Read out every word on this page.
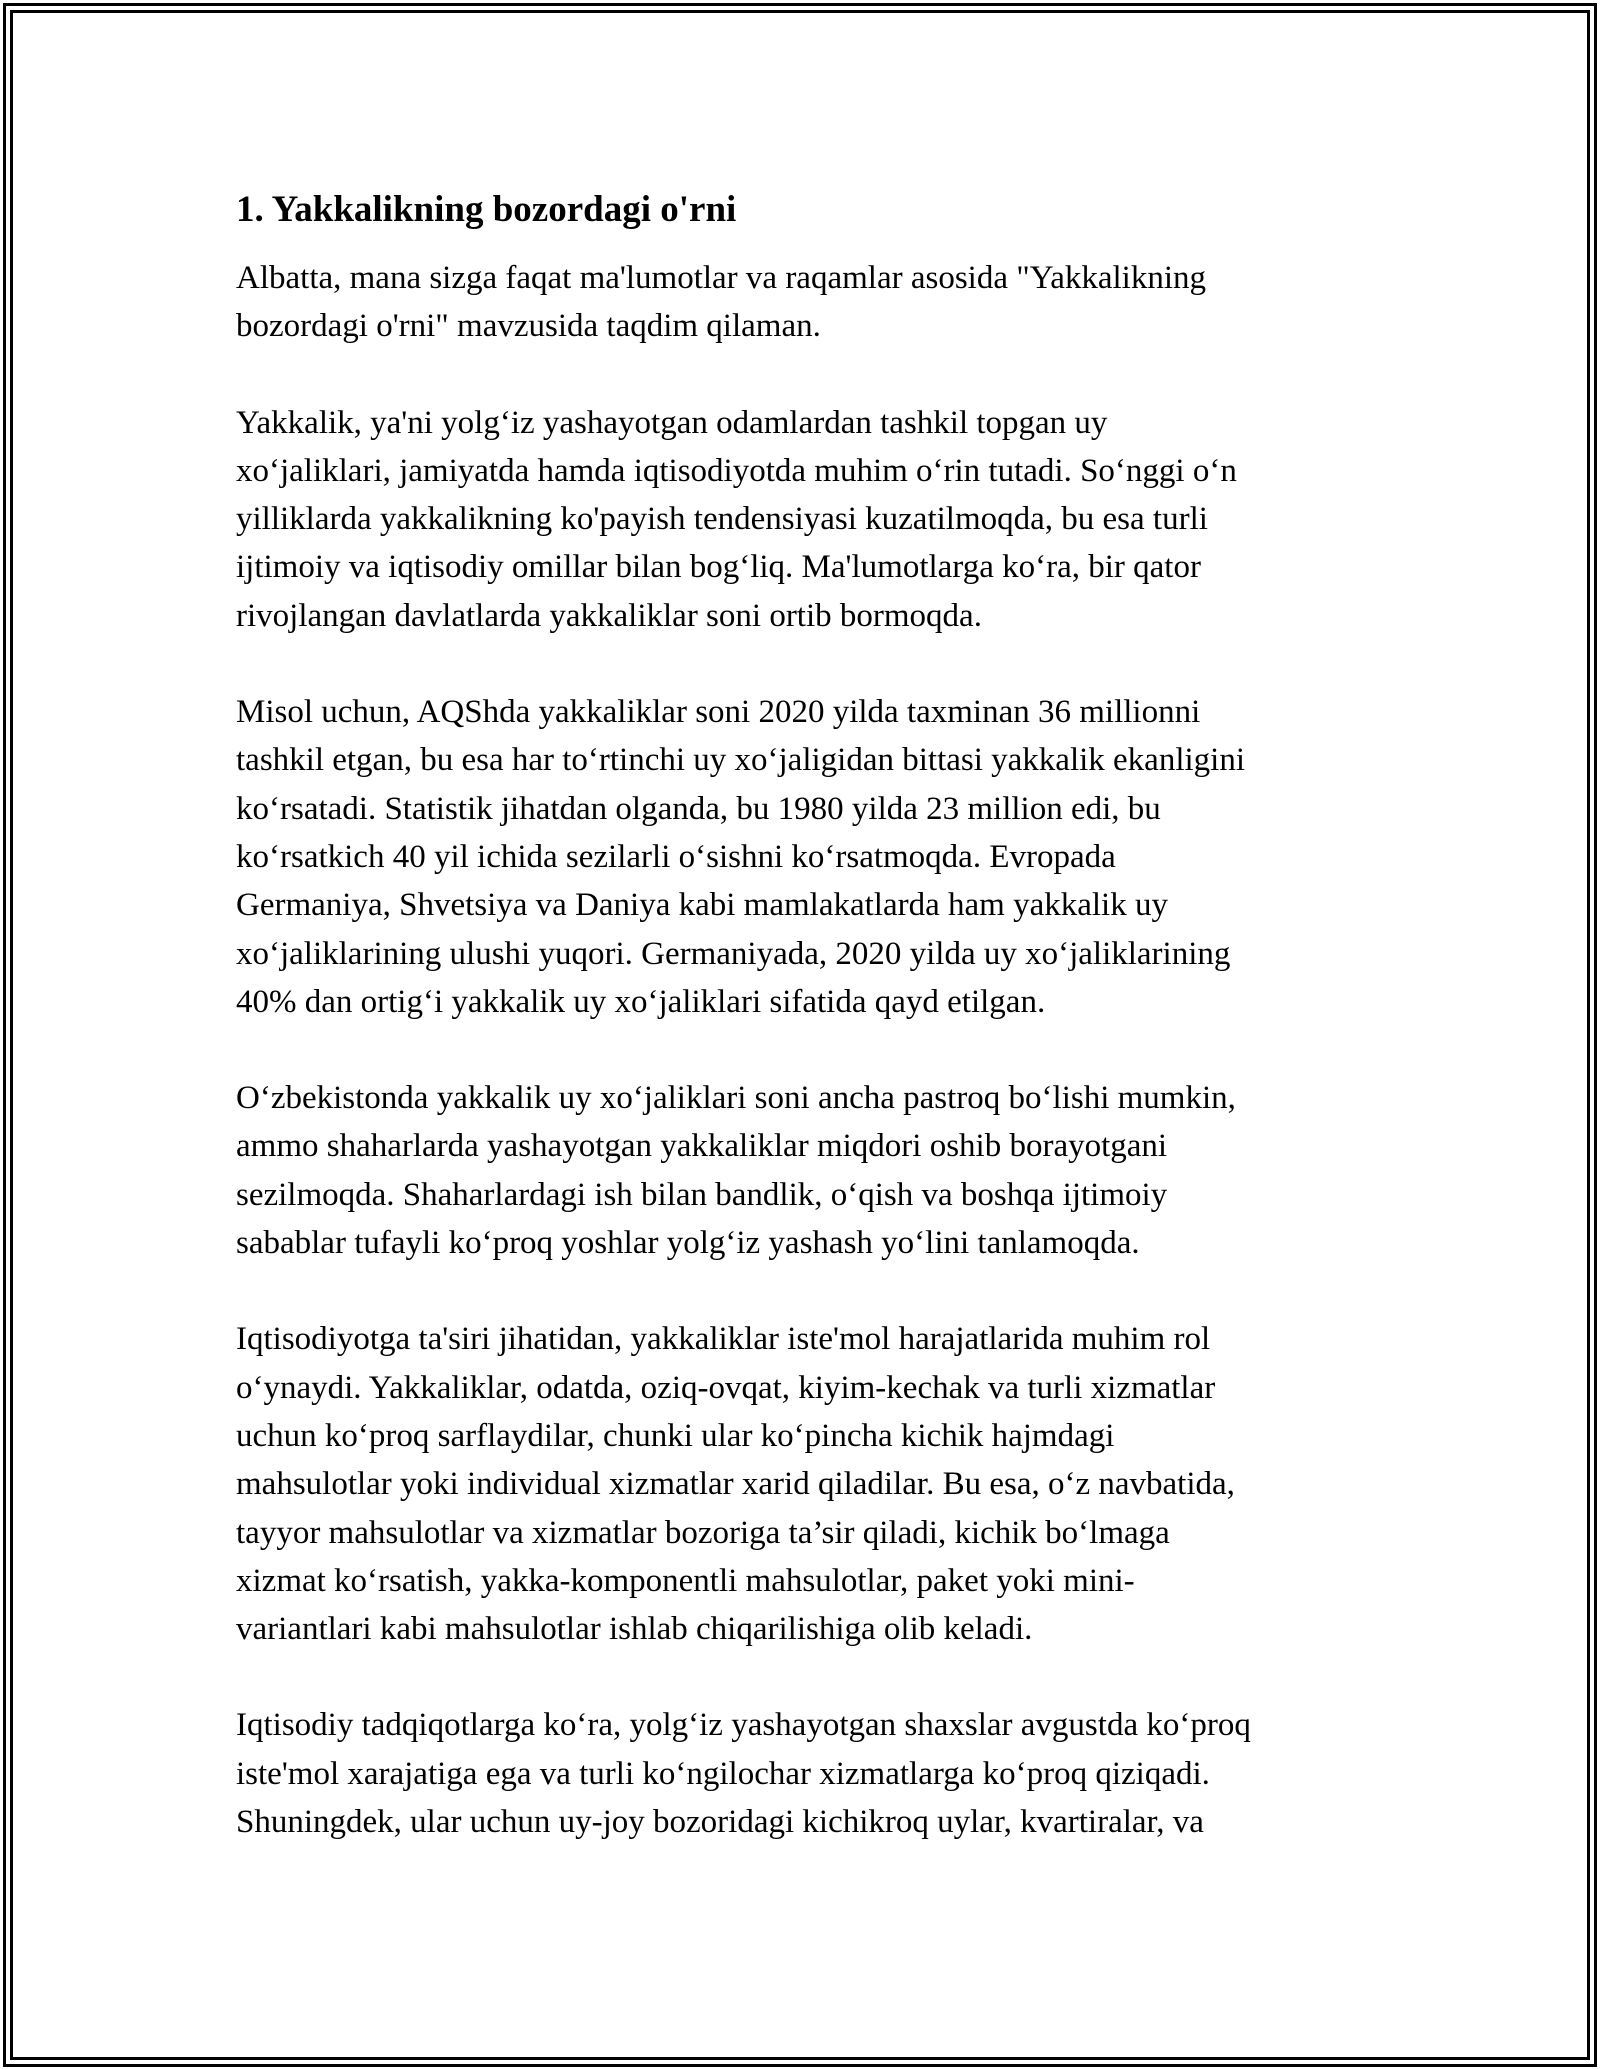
1. Yakkalikning bozordagi o'rni

Albatta, mana sizga faqat ma'lumotlar va raqamlar asosida "Yakkalikning
bozordagi o'rni" mavzusida taqdim qilaman.

Yakkalik, ya'ni yolg‘iz yashayotgan odamlardan tashkil topgan uy
xo‘jaliklari, jamiyatda hamda iqtisodiyotda muhim o‘rin tutadi. So‘nggi o‘n
yilliklarda yakkalikning ko'payish tendensiyasi kuzatilmoqda, bu esa turli
ijtimoiy va iqtisodiy omillar bilan bog‘liq. Ma'lumotlarga ko‘ra, bir qator
rivojlangan davlatlarda yakkaliklar soni ortib bormoqda.

Misol uchun, AQShda yakkaliklar soni 2020 yilda taxminan 36 millionni
tashkil etgan, bu esa har to‘rtinchi uy xo‘jaligidan bittasi yakkalik ekanligini
ko‘rsatadi. Statistik jihatdan olganda, bu 1980 yilda 23 million edi, bu
ko‘rsatkich 40 yil ichida sezilarli o‘sishni ko‘rsatmoqda. Evropada
Germaniya, Shvetsiya va Daniya kabi mamlakatlarda ham yakkalik uy
xo‘jaliklarining ulushi yuqori. Germaniyada, 2020 yilda uy xo‘jaliklarining
40% dan ortig‘i yakkalik uy xo‘jaliklari sifatida qayd etilgan.

O‘zbekistonda yakkalik uy xo‘jaliklari soni ancha pastroq bo‘lishi mumkin,
ammo shaharlarda yashayotgan yakkaliklar miqdori oshib borayotgani
sezilmoqda. Shaharlardagi ish bilan bandlik, o‘qish va boshqa ijtimoiy
sabablar tufayli ko‘proq yoshlar yolg‘iz yashash yo‘lini tanlamoqda.

Iqtisodiyotga ta'siri jihatidan, yakkaliklar iste'mol harajatlarida muhim rol
o‘ynaydi. Yakkaliklar, odatda, oziq-ovqat, kiyim-kechak va turli xizmatlar
uchun ko‘proq sarflaydilar, chunki ular ko‘pincha kichik hajmdagi
mahsulotlar yoki individual xizmatlar xarid qiladilar. Bu esa, o‘z navbatida,
tayyor mahsulotlar va xizmatlar bozoriga ta’sir qiladi, kichik bo‘lmaga
xizmat ko‘rsatish, yakka-komponentli mahsulotlar, paket yoki mini-
variantlari kabi mahsulotlar ishlab chiqarilishiga olib keladi.

Iqtisodiy tadqiqotlarga ko‘ra, yolg‘iz yashayotgan shaxslar avgustda ko‘proq
iste'mol xarajatiga ega va turli ko‘ngilochar xizmatlarga ko‘proq qiziqadi.
Shuningdek, ular uchun uy-joy bozoridagi kichikroq uylar, kvartiralar, va
